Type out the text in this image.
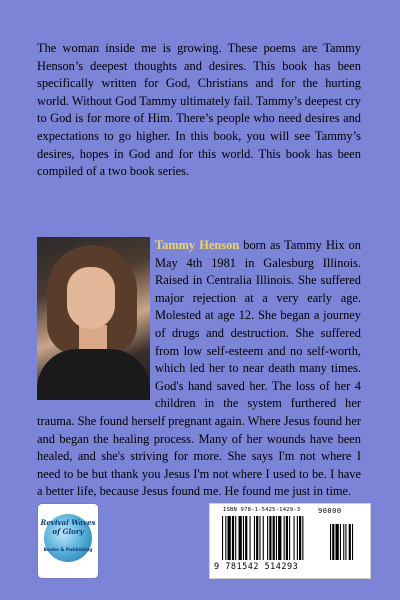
The woman inside me is growing. These poems are Tammy Henson’s deepest thoughts and desires. This book has been specifically written for God, Christians and for the hurting world. Without God Tammy ultimately fail. Tammy’s deepest cry to God is for more of Him. There’s people who need desires and expectations to go higher. In this book, you will see Tammy’s desires, hopes in God and for this world. This book has been compiled of a two book series.

Tammy Henson born as Tammy Hix on May 4th 1981 in Galesburg Illinois. Raised in Centralia Illinois. She suffered major rejection at a very early age. Molested at age 12. She began a journey of drugs and destruction. She suffered from low self-esteem and no self-worth, which led her to near death many times. God's hand saved her. The loss of her 4 children in the system furthered her trauma. She found herself pregnant again. Where Jesus found her and began the healing process. Many of her wounds have been healed, and she's striving for more. She says I'm not where I need to be but thank you Jesus I'm not where I used to be. I have a better life, because Jesus found me. He found me just in time.
Revival Waves of Glory
Books & Publishing
ISBN 978-1-5425-1429-3
9 781542 514293
90000
